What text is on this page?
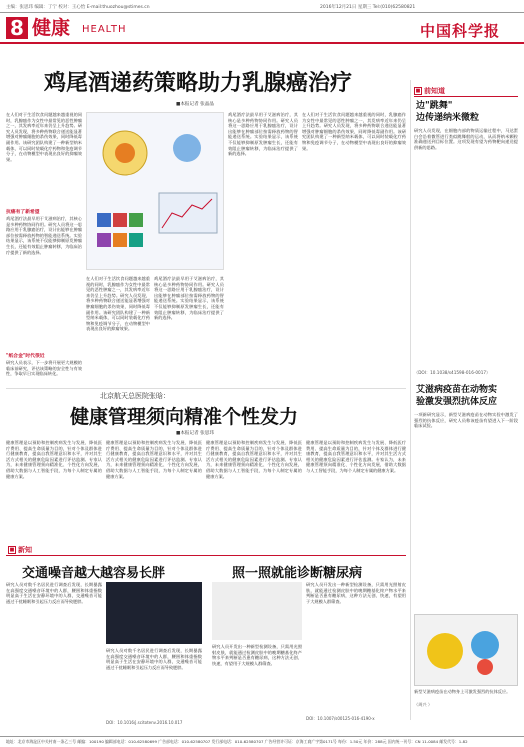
主编：张思玮 编辑：丁宁 校对：王心怡 E-mail:thuozhou@stimes.cn	2016年12月21日 星期三 Tel:(010)62580821
8 健康 HEALTH	中国科学报
鸡尾酒递药策略助力乳腺癌治疗
■本报记者 张晶晶
在人们对于生活饮食问题越来越重视的同时，乳腺癌作为女性中最常见的恶性肿瘤之一，其发病率近年来仍呈上升趋势。研究人员发现，将多种药物联合递送能显著增强对肿瘤细胞的杀伤效果，同时降低毒副作用。该研究团队构建了一种新型纳米载体，可以同时装载化疗药物和免疫调节分子，在动物模型中表现出良好的抑瘤效果。
抗癌有了新希望
鸡尾酒疗法最早用于艾滋病治疗，其核心是多种药物协同作用。研究人员将这一思路应用于乳腺癌治疗，设计出能够在肿瘤部位按需释放药物的智能递送系统。实验结果显示，该系统不仅能够抑制原发肿瘤生长，还能有效阻止肿瘤转移，为临床治疗提供了新的选择。
"纸合金"时代很近
研究人员表示，下一步将开展更大规模的临床前研究，评估该策略的安全性与有效性，争取早日实现临床转化。
在人们对于生活饮食问题越来越重视的同时，乳腺癌作为女性中最常见的恶性肿瘤之一，其发病率近年来仍呈上升趋势。研究人员发现，将多种药物联合递送能显著增强对肿瘤细胞的杀伤效果，同时降低毒副作用。该研究团队构建了一种新型纳米载体，可以同时装载化疗药物和免疫调节分子，在动物模型中表现出良好的抑瘤效果。
鸡尾酒疗法最早用于艾滋病治疗，其核心是多种药物协同作用。研究人员将这一思路应用于乳腺癌治疗，设计出能够在肿瘤部位按需释放药物的智能递送系统。实验结果显示，该系统不仅能够抑制原发肿瘤生长，还能有效阻止肿瘤转移，为临床治疗提供了新的选择。
鸡尾酒疗法最早用于艾滋病治疗，其核心是多种药物协同作用。研究人员将这一思路应用于乳腺癌治疗，设计出能够在肿瘤部位按需释放药物的智能递送系统。实验结果显示，该系统不仅能够抑制原发肿瘤生长，还能有效阻止肿瘤转移，为临床治疗提供了新的选择。
在人们对于生活饮食问题越来越重视的同时，乳腺癌作为女性中最常见的恶性肿瘤之一，其发病率近年来仍呈上升趋势。研究人员发现，将多种药物联合递送能显著增强对肿瘤细胞的杀伤效果，同时降低毒副作用。该研究团队构建了一种新型纳米载体，可以同时装载化疗药物和免疫调节分子，在动物模型中表现出良好的抑瘤效果。
■ 前知道
边"跳舞"
边传递纳米微粒
研究人员发现，在细胞内部的物质运输过程中，马达蛋白会沿着微管进行类似跳舞般的运动，从而将纳米颗粒准确递送到目标位置。这项发现有望为药物靶向递送提供新的思路。
（DOI：10.1038/s41598-016-0017）
艾滋病疫苗在动物实
验激发强烈抗体反应
一项新研究显示，新型艾滋病疫苗在动物实验中激发了强烈的抗体反应，研究人员称该疫苗有望进入下一阶段临床试验。
新型艾滋病疫苗在动物身上可激发强烈的抗体反应。
（周兴 ）
北京航天总医院张晗：
健康管理须向精准个性发力
■本报记者 张思玮
健康管理是以预防和控制疾病发生与发展、降低医疗费用、提高生命质量为目的，针对个体及群体进行健康教育，提高自我管理意识和水平，并对其生活方式相关的健康危险因素进行评估监测。专家认为，未来健康管理须向精准化、个性化方向发展，借助大数据与人工智能手段，为每个人制定专属的健康方案。
健康管理是以预防和控制疾病发生与发展、降低医疗费用、提高生命质量为目的，针对个体及群体进行健康教育，提高自我管理意识和水平，并对其生活方式相关的健康危险因素进行评估监测。专家认为，未来健康管理须向精准化、个性化方向发展，借助大数据与人工智能手段，为每个人制定专属的健康方案。
健康管理是以预防和控制疾病发生与发展、降低医疗费用、提高生命质量为目的，针对个体及群体进行健康教育，提高自我管理意识和水平，并对其生活方式相关的健康危险因素进行评估监测。专家认为，未来健康管理须向精准化、个性化方向发展，借助大数据与人工智能手段，为每个人制定专属的健康方案。
健康管理是以预防和控制疾病发生与发展、降低医疗费用、提高生命质量为目的，针对个体及群体进行健康教育，提高自我管理意识和水平，并对其生活方式相关的健康危险因素进行评估监测。专家认为，未来健康管理须向精准化、个性化方向发展，借助大数据与人工智能手段，为每个人制定专属的健康方案。
■ 新知
交通噪音越大越容易长胖	照一照就能诊断糖尿病
研究人员对数千名居民进行调查后发现，长期暴露在高强度交通噪音环境中的人群，腰围和体重指数明显高于生活在安静环境中的人群，交通噪音可能通过干扰睡眠和引起压力反应而导致肥胖。
研究人员对数千名居民进行调查后发现，长期暴露在高强度交通噪音环境中的人群，腰围和体重指数明显高于生活在安静环境中的人群，交通噪音可能通过干扰睡眠和引起压力反应而导致肥胖。
DOI：10.1016/j.scitotenv.2016.10.017
研究人员开发出一种新型检测设备，只需用光照射皮肤，就能通过检测皮肤中的晚期糖基化终产物水平来判断是否患有糖尿病，这种方法无创、快速，有望用于大规模人群筛查。
研究人员开发出一种新型检测设备，只需用光照射皮肤，就能通过检测皮肤中的晚期糖基化终产物水平来判断是否患有糖尿病，这种方法无创、快速，有望用于大规模人群筛查。
DOI：10.1007/s00125-016-4190-x
地址：北京市海淀区中关村南一条乙三号 邮编：100190 编辑部电话：010-62580699 广告部电话：010-62580707 发行部电话：010-62580707 广告经营许可证：京海工商广字第0171号 每份：1.50元 年价：288元 国内统一刊号：CN 11-0084 邮发代号：1-82
